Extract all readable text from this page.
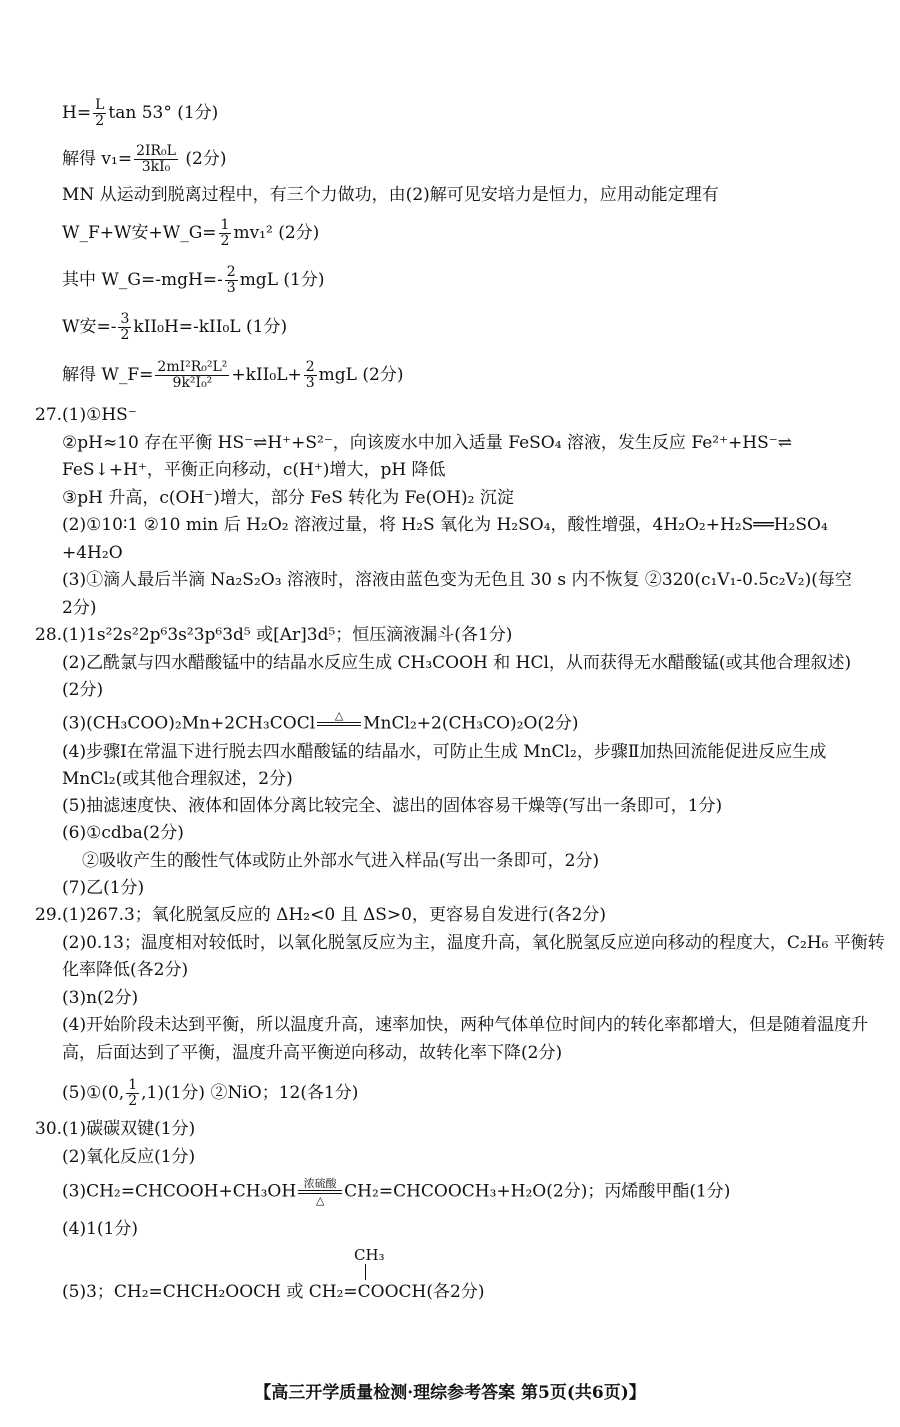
$H= \frac{L}{2}$ tan 53° (1分)
解得 $v_1= \frac{\text{2IR₀L}}{\text{3kI₀}} (2$分)
MN 从运动到脱离过程中，有三个力做功，由(2)解可见安培力是恒力，应用动能定理有
W_F+W安+W_G= $\frac{1}{2} mv_1^2$ (2分)
其中 W_G=-mgH=- $\frac{2}{3}$ mgL (1分)
W安=- $\frac{3}{2} kII_0H=-kII_0L$ (1分)
解得 W_F= $\frac{\text{2mI²R₀²L²}}{\text{9k²I₀²}} +kII_0L+ \frac{2}{3}$ mgL (2分)
27.(1)①HS⁻
②pH≈10 存在平衡 HS⁻⇌H⁺+S²⁻，向该废水中加入适量 FeSO₄ 溶液，发生反应 Fe²⁺+HS⁻⇌
FeS↓+H⁺，平衡正向移动，c(H⁺)增大，pH 降低
③pH 升高，c(OH⁻)增大，部分 FeS 转化为 Fe(OH)₂ 沉淀
(2)①10∶1 ②10 min 后 H₂O₂ 溶液过量，将 H₂S 氧化为 H₂SO₄，酸性增强，4H₂O₂+H₂S══H₂SO₄
+4H₂O
(3)①滴人最后半滴 Na₂S₂O₃ 溶液时，溶液由蓝色变为无色且 30 s 内不恢复 ②320(c₁V₁-0.5c₂V₂)(每空
2分)
28.(1)1s²2s²2p⁶3s²3p⁶3d⁵ 或[Ar]3d⁵；恒压滴液漏斗(各1分)
(2)乙酰氯与四水醋酸锰中的结晶水反应生成 CH₃COOH 和 HCl，从而获得无水醋酸锰(或其他合理叙述)
(2分)
(3)(CH₃COO)₂Mn+2CH₃COCl	△	MnCl₂+2(CH₃CO)₂O(2分)
(4)步骤Ⅰ在常温下进行脱去四水醋酸锰的结晶水，可防止生成 MnCl₂，步骤Ⅱ加热回流能促进反应生成
MnCl₂(或其他合理叙述，2分)
(5)抽滤速度快、液体和固体分离比较完全、滤出的固体容易干燥等(写出一条即可，1分)
(6)①cdba(2分)
②吸收产生的酸性气体或防止外部水气进入样品(写出一条即可，2分)
(7)乙(1分)
29.(1)267.3；氧化脱氢反应的 ΔH₂<0 且 ΔS>0，更容易自发进行(各2分)
(2)0.13；温度相对较低时，以氧化脱氢反应为主，温度升高，氧化脱氢反应逆向移动的程度大，C₂H₆ 平衡转
化率降低(各2分)
(3)n(2分)
(4)开始阶段未达到平衡，所以温度升高，速率加快，两种气体单位时间内的转化率都增大，但是随着温度升
高，后面达到了平衡，温度升高平衡逆向移动，故转化率下降(2分)
(5)①(0, $\frac{1}{2} ,1)(1$分) ②NiO；12(各1分)
30.(1)碳碳双键(1分)
(2)氧化反应(1分)
(3)CH₂=CHCOOH+CH₃OH 浓硫酸
△	CH₂=CHCOOCH₃+H₂O(2分)；丙烯酸甲酯(1分)
(4)1(1分)
CH₃
(5)3；CH₂=CHCH₂OOCH 或 CH₂=COOCH(各2分)
【高三开学质量检测·理综参考答案 第5页(共6页)】
